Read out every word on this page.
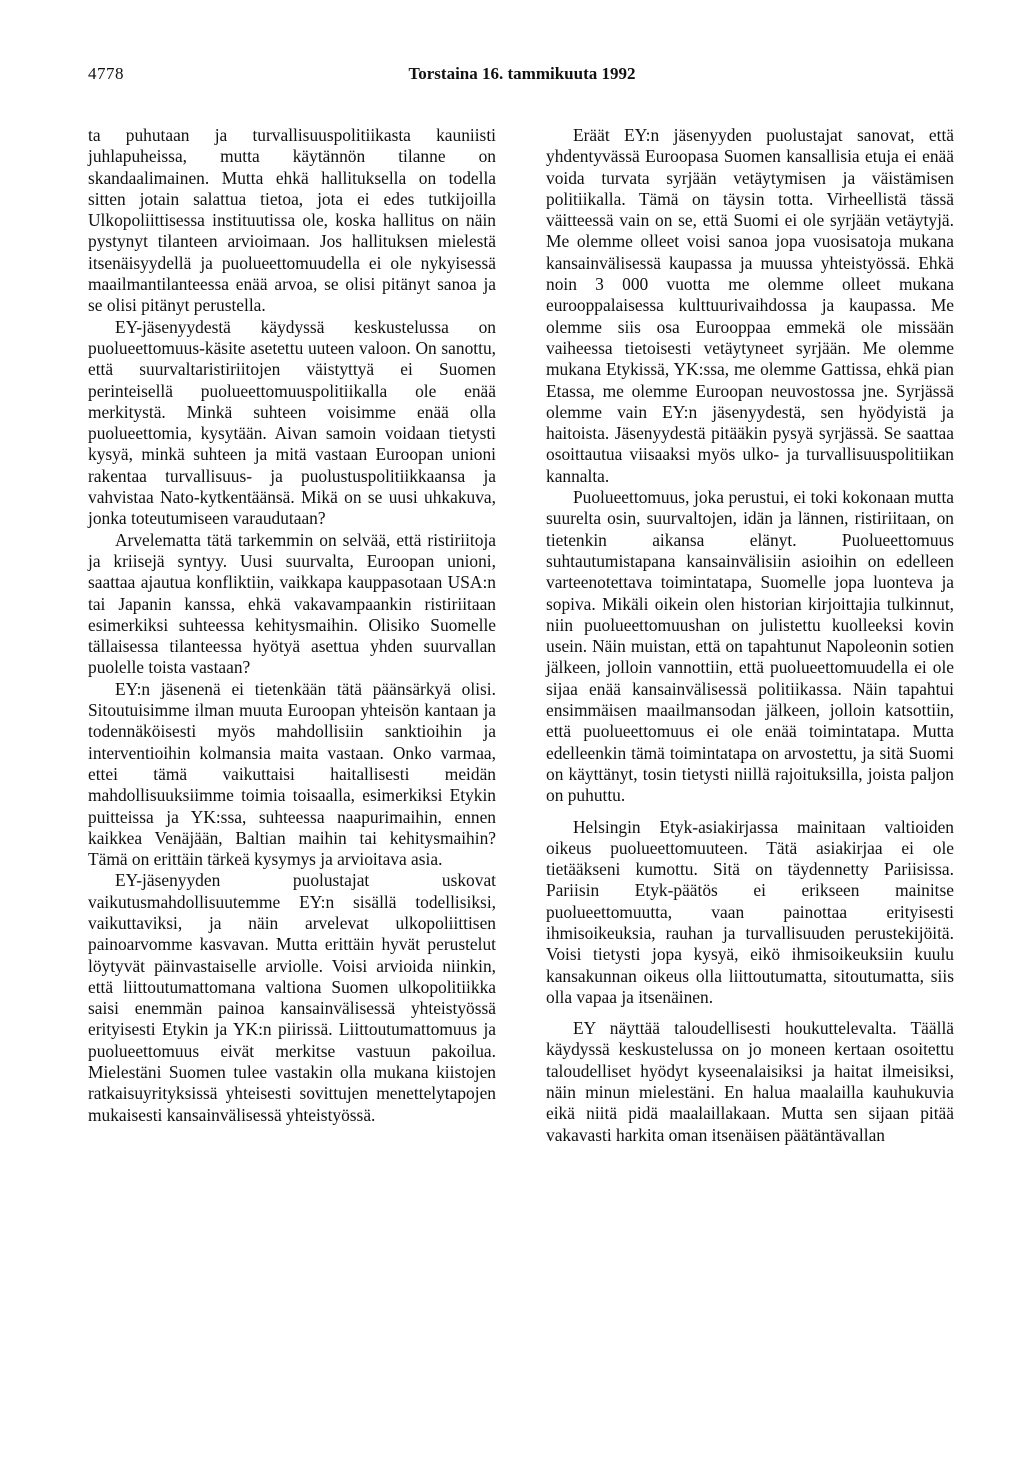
4778	Torstaina 16. tammikuuta 1992

ta puhutaan ja turvallisuuspolitiikasta kauniisti juhlapuheissa, mutta käytännön tilanne on skandaalimainen. Mutta ehkä hallituksella on todella sitten jotain salattua tietoa, jota ei edes tutkijoilla Ulkopoliittisessa instituutissa ole, koska hallitus on näin pystynyt tilanteen arvioimaan. Jos hallituksen mielestä itsenäisyydellä ja puolueettomuudella ei ole nykyisessä maailmantilanteessa enää arvoa, se olisi pitänyt sanoa ja se olisi pitänyt perustella.

EY-jäsenyydestä käydyssä keskustelussa on puolueettomuus-käsite asetettu uuteen valoon. On sanottu, että suurvaltaristiriitojen väistyttyä ei Suomen perinteisellä puolueettomuuspolitiikalla ole enää merkitystä. Minkä suhteen voisimme enää olla puolueettomia, kysytään. Aivan samoin voidaan tietysti kysyä, minkä suhteen ja mitä vastaan Euroopan unioni rakentaa turvallisuus- ja puolustuspolitiikkaansa ja vahvistaa Nato-kytkentäänsä. Mikä on se uusi uhkakuva, jonka toteutumiseen varaudutaan?

Arvelematta tätä tarkemmin on selvää, että ristiriitoja ja kriisejä syntyy. Uusi suurvalta, Euroopan unioni, saattaa ajautua konfliktiin, vaikkapa kauppasotaan USA:n tai Japanin kanssa, ehkä vakavampaankin ristiriitaan esimerkiksi suhteessa kehitysmaihin. Olisiko Suomelle tällaisessa tilanteessa hyötyä asettua yhden suurvallan puolelle toista vastaan?

EY:n jäsenenä ei tietenkään tätä päänsärkyä olisi. Sitoutuisimme ilman muuta Euroopan yhteisön kantaan ja todennäköisesti myös mahdollisiin sanktioihin ja interventioihin kolmansia maita vastaan. Onko varmaa, ettei tämä vaikuttaisi haitallisesti meidän mahdollisuuksiimme toimia toisaalla, esimerkiksi Etykin puitteissa ja YK:ssa, suhteessa naapurimaihin, ennen kaikkea Venäjään, Baltian maihin tai kehitysmaihin? Tämä on erittäin tärkeä kysymys ja arvioitava asia.

EY-jäsenyyden puolustajat uskovat vaikutusmahdollisuutemme EY:n sisällä todellisiksi, vaikuttaviksi, ja näin arvelevat ulkopoliittisen painoarvomme kasvavan. Mutta erittäin hyvät perustelut löytyvät päinvastaiselle arviolle. Voisi arvioida niinkin, että liittoutumattomana valtiona Suomen ulkopolitiikka saisi enemmän painoa kansainvälisessä yhteistyössä erityisesti Etykin ja YK:n piirissä. Liittoutumattomuus ja puolueettomuus eivät merkitse vastuun pakoilua. Mielestäni Suomen tulee vastakin olla mukana kiistojen ratkaisuyrityksissä yhteisesti sovittujen menettelytapojen mukaisesti kansainvälisessä yhteistyössä.

Eräät EY:n jäsenyyden puolustajat sanovat, että yhdentyvässä Euroopasa Suomen kansallisia etuja ei enää voida turvata syrjään vetäytymisen ja väistämisen politiikalla. Tämä on täysin totta. Virheellistä tässä väitteessä vain on se, että Suomi ei ole syrjään vetäytyjä. Me olemme olleet voisi sanoa jopa vuosisatoja mukana kansainvälisessä kaupassa ja muussa yhteistyössä. Ehkä noin 3 000 vuotta me olemme olleet mukana eurooppalaisessa kulttuurivaihdossa ja kaupassa. Me olemme siis osa Eurooppaa emmekä ole missään vaiheessa tietoisesti vetäytyneet syrjään. Me olemme mukana Etykissä, YK:ssa, me olemme Gattissa, ehkä pian Etassa, me olemme Euroopan neuvostossa jne. Syrjässä olemme vain EY:n jäsenyydestä, sen hyödyistä ja haitoista. Jäsenyydestä pitääkin pysyä syrjässä. Se saattaa osoittautua viisaaksi myös ulko- ja turvallisuuspolitiikan kannalta.

Puolueettomuus, joka perustui, ei toki kokonaan mutta suurelta osin, suurvaltojen, idän ja lännen, ristiriitaan, on tietenkin aikansa elänyt. Puolueettomuus suhtautumistapana kansainvälisiin asioihin on edelleen varteenotettava toimintatapa, Suomelle jopa luonteva ja sopiva. Mikäli oikein olen historian kirjoittajia tulkinnut, niin puolueettomuushan on julistettu kuolleeksi kovin usein. Näin muistan, että on tapahtunut Napoleonin sotien jälkeen, jolloin vannottiin, että puolueettomuudella ei ole sijaa enää kansainvälisessä politiikassa. Näin tapahtui ensimmäisen maailmansodan jälkeen, jolloin katsottiin, että puolueettomuus ei ole enää toimintatapa. Mutta edelleenkin tämä toimintatapa on arvostettu, ja sitä Suomi on käyttänyt, tosin tietysti niillä rajoituksilla, joista paljon on puhuttu.

Helsingin Etyk-asiakirjassa mainitaan valtioiden oikeus puolueettomuuteen. Tätä asiakirjaa ei ole tietääkseni kumottu. Sitä on täydennetty Pariisissa. Pariisin Etyk-päätös ei erikseen mainitse puolueettomuutta, vaan painottaa erityisesti ihmisoikeuksia, rauhan ja turvallisuuden perustekijöitä. Voisi tietysti jopa kysyä, eikö ihmisoikeuksiin kuulu kansakunnan oikeus olla liittoutumatta, sitoutumatta, siis olla vapaa ja itsenäinen.

EY näyttää taloudellisesti houkuttelevalta. Täällä käydyssä keskustelussa on jo moneen kertaan osoitettu taloudelliset hyödyt kyseenalaisiksi ja haitat ilmeisiksi, näin minun mielestäni. En halua maalailla kauhukuvia eikä niitä pidä maalaillakaan. Mutta sen sijaan pitää vakavasti harkita oman itsenäisen päätäntävallan
